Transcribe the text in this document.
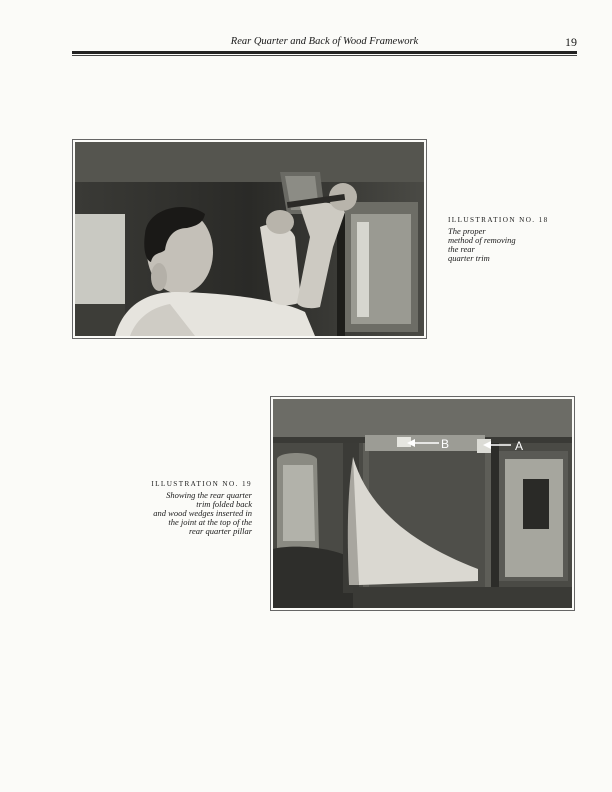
Rear Quarter and Back of Wood Framework	19
ILLUSTRATION NO. 18
The proper
method of removing
the rear
quarter trim
ILLUSTRATION NO. 19
Showing the rear quarter
trim folded back
and wood wedges inserted in
the joint at the top of the
rear quarter pillar
B	A
